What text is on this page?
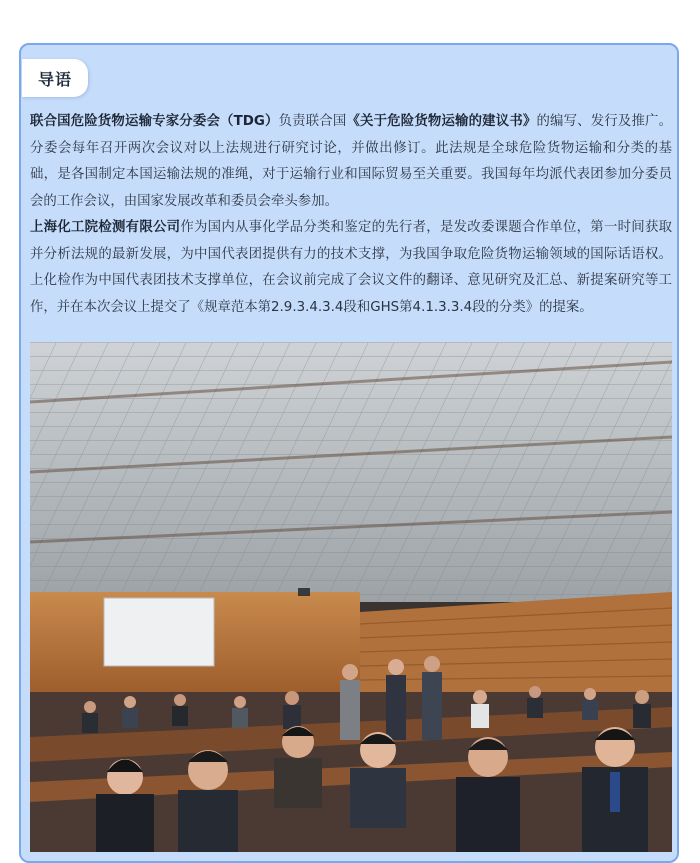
导语

联合国危险货物运输专家分委会（TDG）负责联合国《关于危险货物运输的建议书》的编写、发行及推广。分委会每年召开两次会议对以上法规进行研究讨论，并做出修订。此法规是全球危险货物运输和分类的基础，是各国制定本国运输法规的准绳，对于运输行业和国际贸易至关重要。我国每年均派代表团参加分委员会的工作会议，由国家发展改革和委员会牵头参加。

上海化工院检测有限公司作为国内从事化学品分类和鉴定的先行者，是发改委课题合作单位，第一时间获取并分析法规的最新发展，为中国代表团提供有力的技术支撑，为我国争取危险货物运输领域的国际话语权。上化检作为中国代表团技术支撑单位，在会议前完成了会议文件的翻译、意见研究及汇总、新提案研究等工作，并在本次会议上提交了《规章范本第2.9.3.4.3.4段和GHS第4.1.3.3.4段的分类》的提案。
